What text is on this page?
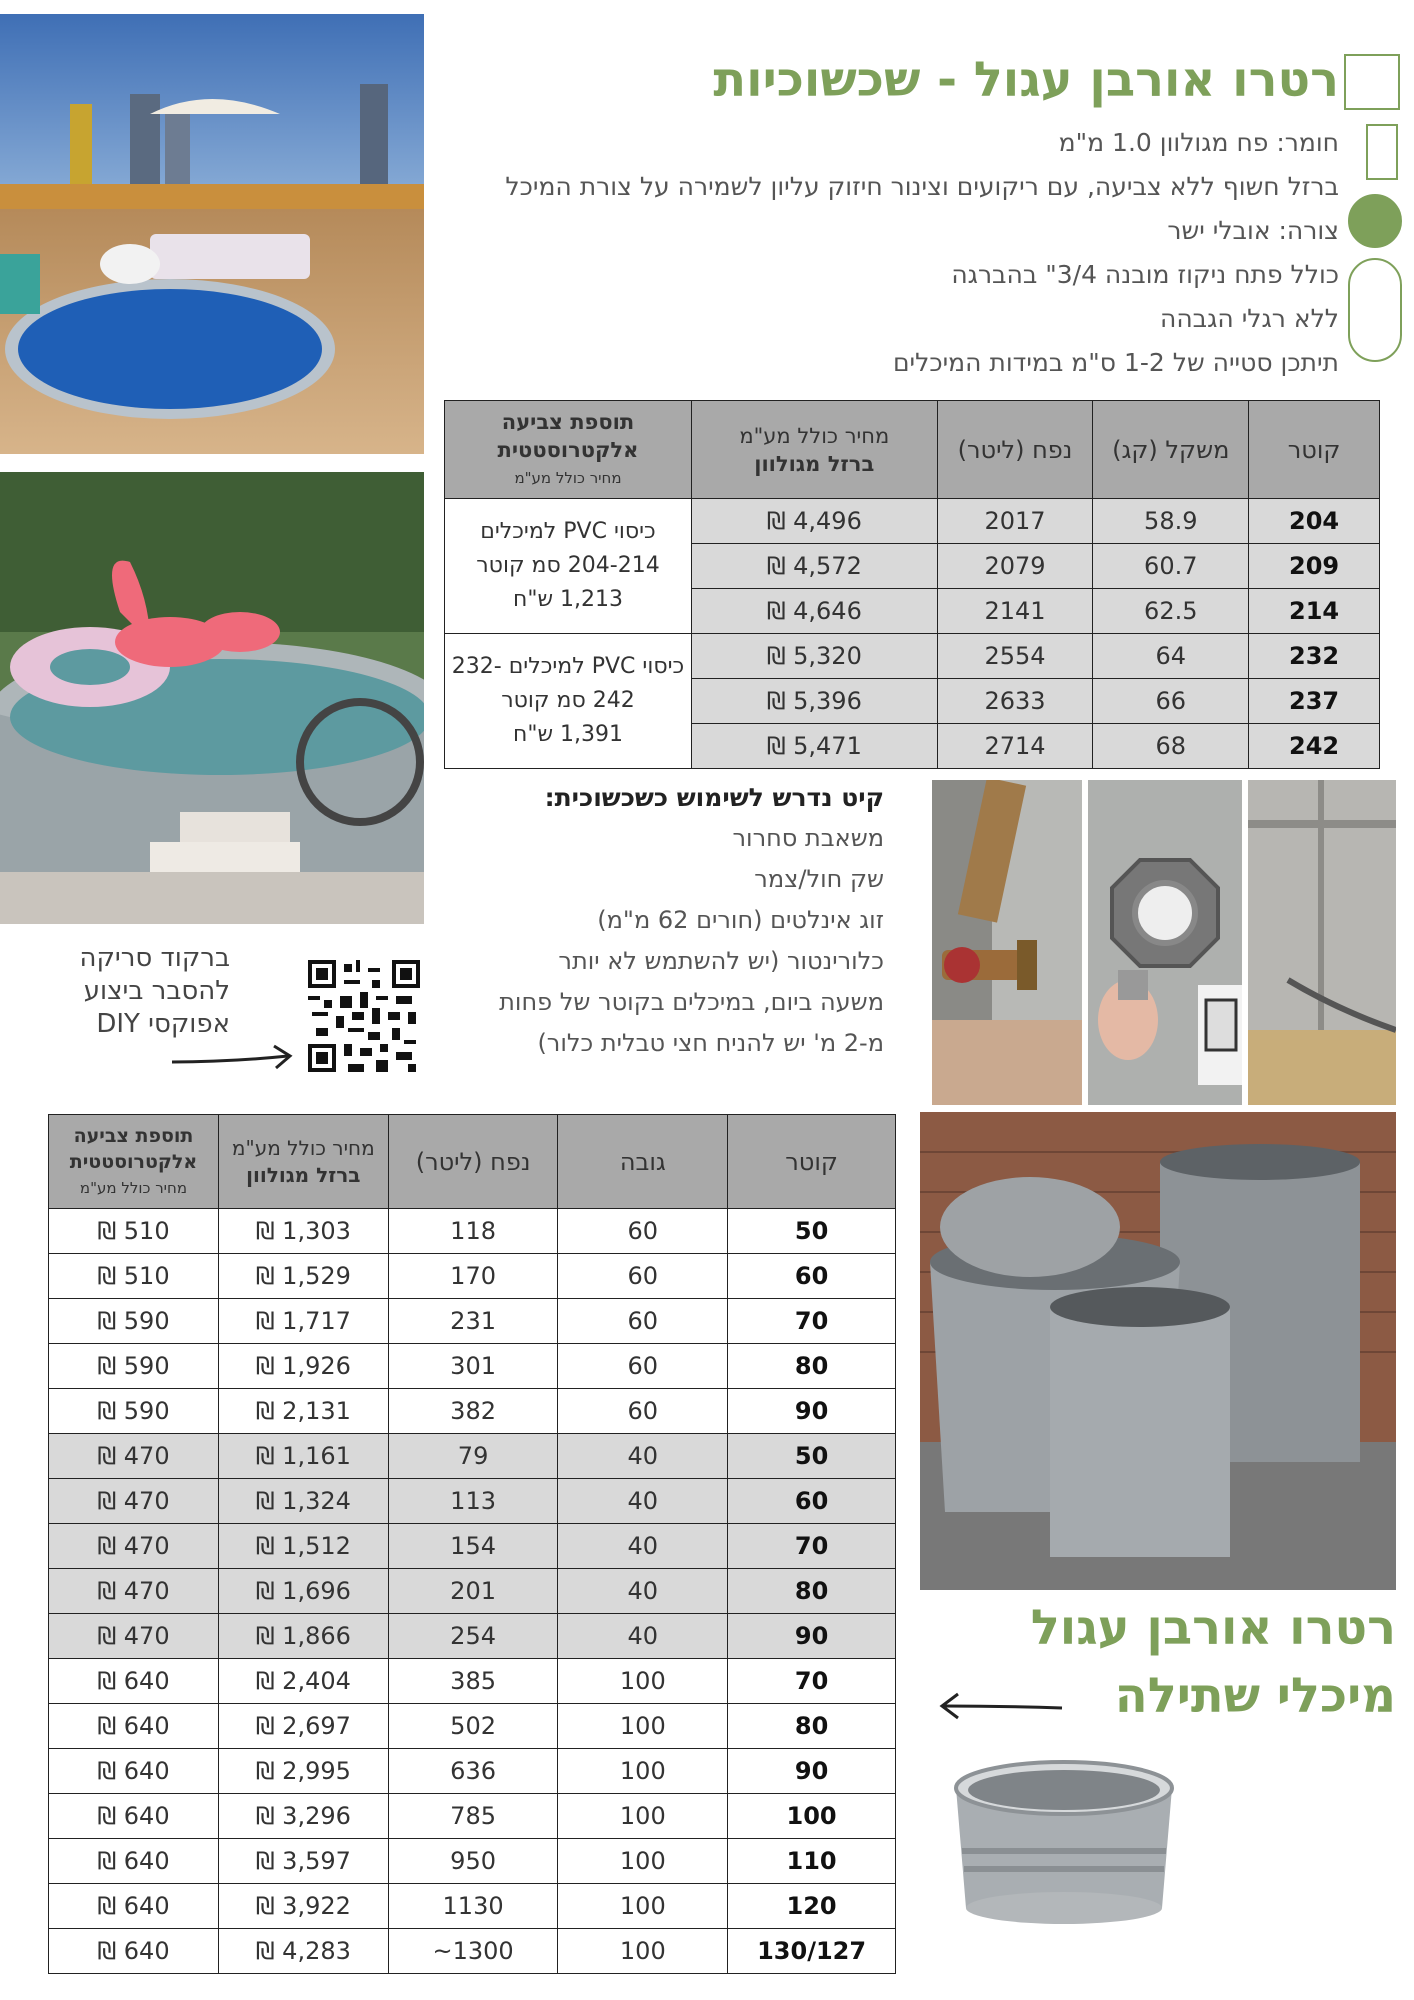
רטרו אורבן עגול - שכשוכיות
חומר: פח מגולוון 1.0 מ"מ
ברזל חשוף ללא צביעה, עם ריקועים וצינור חיזוק עליון לשמירה על צורת המיכל
צורה: אובלי ישר
כולל פתח ניקוז מובנה 3/4" בהברגה
ללא רגלי הגבהה
תיתכן סטייה של 1-2 ס"מ במידות המיכלים
קוטר	משקל (קג)	נפח (ליטר)	מחיר כולל מע"מ
ברזל מגולוון	תוספת צביעה אלקטרוסטטית
מחיר כולל מע"מ

204	58.9	2017	4,496 ₪	כיסוי PVC למיכלים
204-214 סמ קוטר
1,213 ש"ח
209	60.7	2079	4,572 ₪	
214	62.5	2141	4,646 ₪	
232	64	2554	5,320 ₪	כיסוי PVC למיכלים -232
242 סמ קוטר
1,391 ש"ח
237	66	2633	5,396 ₪	
242	68	2714	5,471 ₪	
קיט נדרש לשימוש כשכשוכית:
משאבת סחרור
שק חול/צמר
זוג אינלטים (חורים 62 מ"מ)
כלורינטור (יש להשתמש לא יותר
משעה ביום, במיכלים בקוטר של פחות
מ-2 מ' יש להניח חצי טבלית כלור)
ברקוד סריקה
להסבר ביצוע
אפוקסי DIY
קוטר	גובה	נפח (ליטר)	מחיר כולל מע"מ
ברזל מגולוון	תוספת צביעה אלקטרוסטטית
מחיר כולל מע"מ

50	60	118	1,303 ₪	510 ₪
60	60	170	1,529 ₪	510 ₪
70	60	231	1,717 ₪	590 ₪
80	60	301	1,926 ₪	590 ₪
90	60	382	2,131 ₪	590 ₪
50	40	79	1,161 ₪	470 ₪
60	40	113	1,324 ₪	470 ₪
70	40	154	1,512 ₪	470 ₪
80	40	201	1,696 ₪	470 ₪
90	40	254	1,866 ₪	470 ₪
70	100	385	2,404 ₪	640 ₪
80	100	502	2,697 ₪	640 ₪
90	100	636	2,995 ₪	640 ₪
100	100	785	3,296 ₪	640 ₪
110	100	950	3,597 ₪	640 ₪
120	100	1130	3,922 ₪	640 ₪
130/127	100	1300~	4,283 ₪	640 ₪
רטרו אורבן עגול
מיכלי שתילה
